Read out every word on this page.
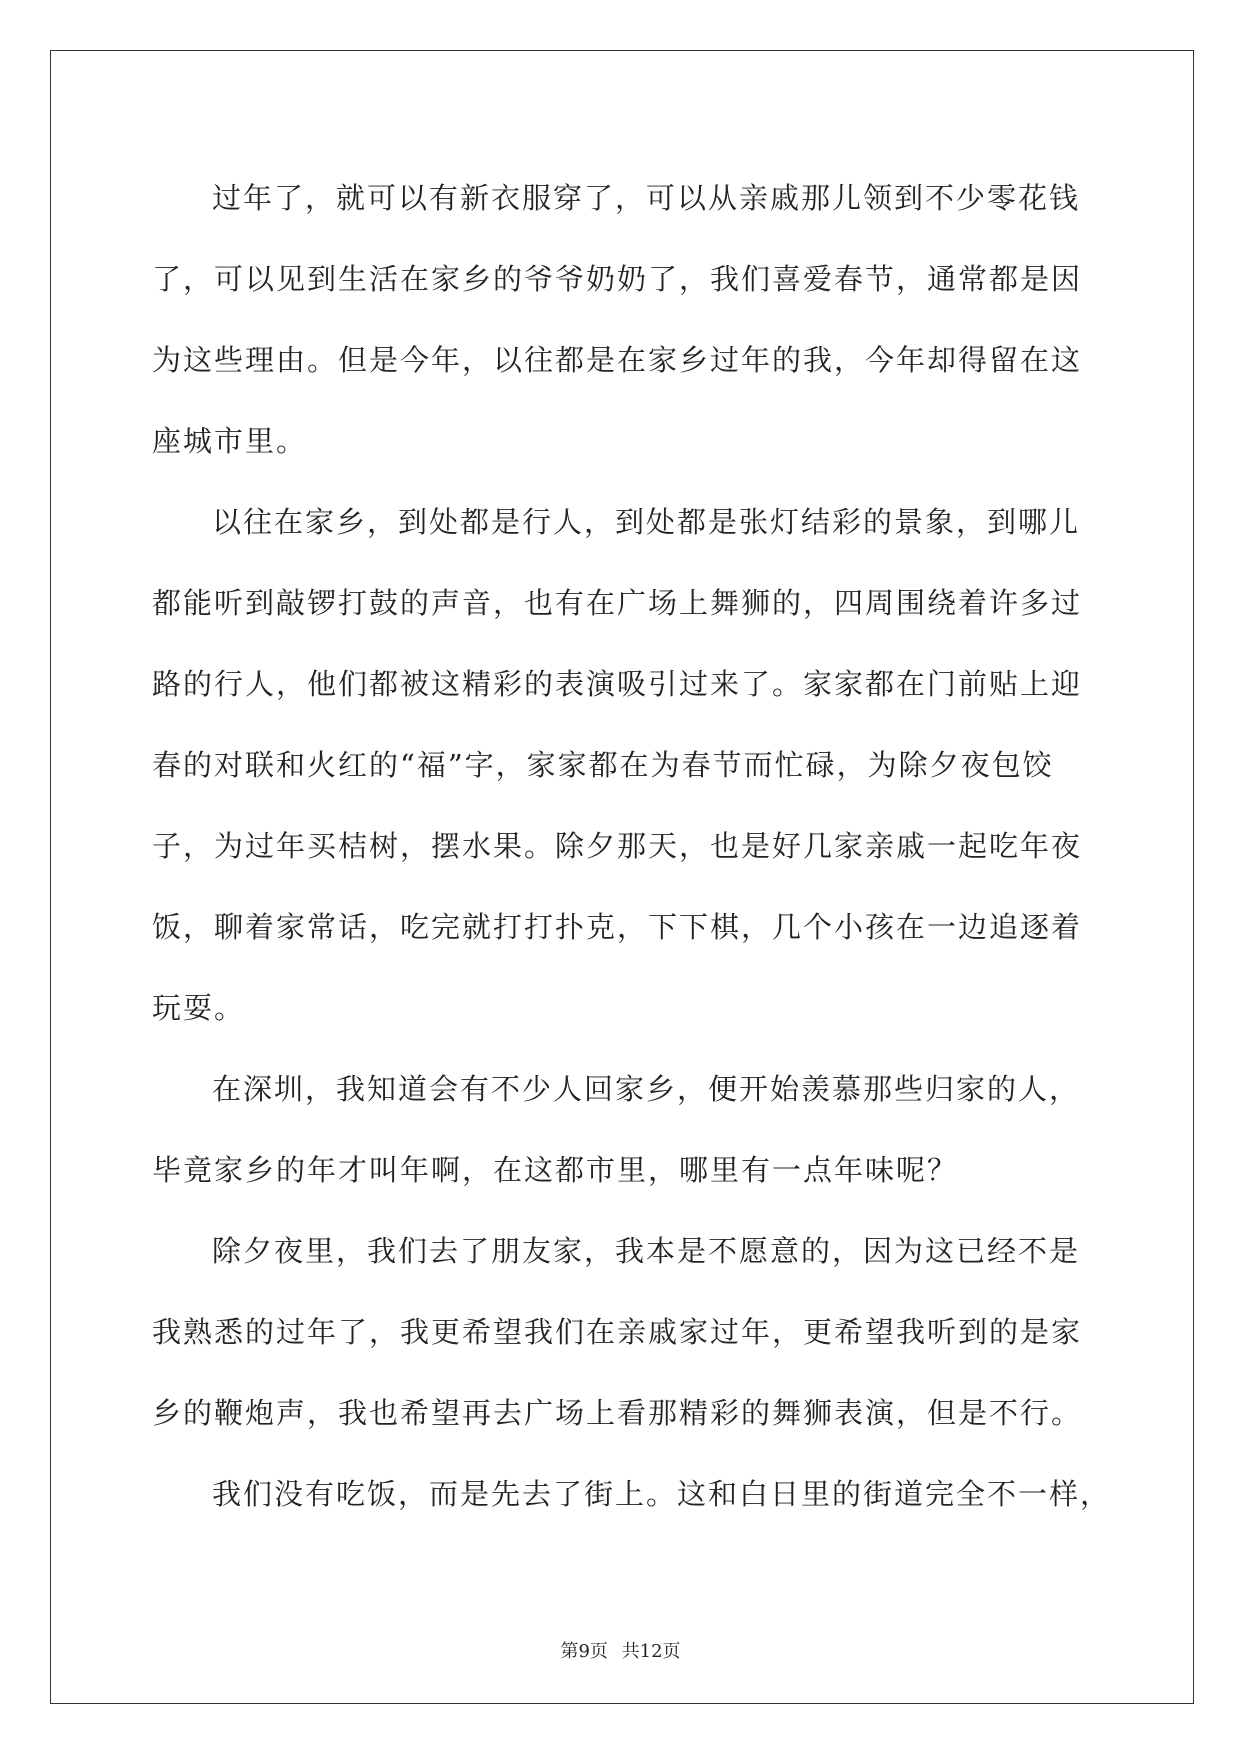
过年了，就可以有新衣服穿了，可以从亲戚那儿领到不少零花钱
了，可以见到生活在家乡的爷爷奶奶了，我们喜爱春节，通常都是因
为这些理由。但是今年，以往都是在家乡过年的我，今年却得留在这
座城市里。

以往在家乡，到处都是行人，到处都是张灯结彩的景象，到哪儿
都能听到敲锣打鼓的声音，也有在广场上舞狮的，四周围绕着许多过
路的行人，他们都被这精彩的表演吸引过来了。家家都在门前贴上迎
春的对联和火红的“福”字，家家都在为春节而忙碌，为除夕夜包饺
子，为过年买桔树，摆水果。除夕那天，也是好几家亲戚一起吃年夜
饭，聊着家常话，吃完就打打扑克，下下棋，几个小孩在一边追逐着
玩耍。

在深圳，我知道会有不少人回家乡，便开始羡慕那些归家的人，
毕竟家乡的年才叫年啊，在这都市里，哪里有一点年味呢？

除夕夜里，我们去了朋友家，我本是不愿意的，因为这已经不是
我熟悉的过年了，我更希望我们在亲戚家过年，更希望我听到的是家
乡的鞭炮声，我也希望再去广场上看那精彩的舞狮表演，但是不行。

我们没有吃饭，而是先去了街上。这和白日里的街道完全不一样，

第9页 共12页
